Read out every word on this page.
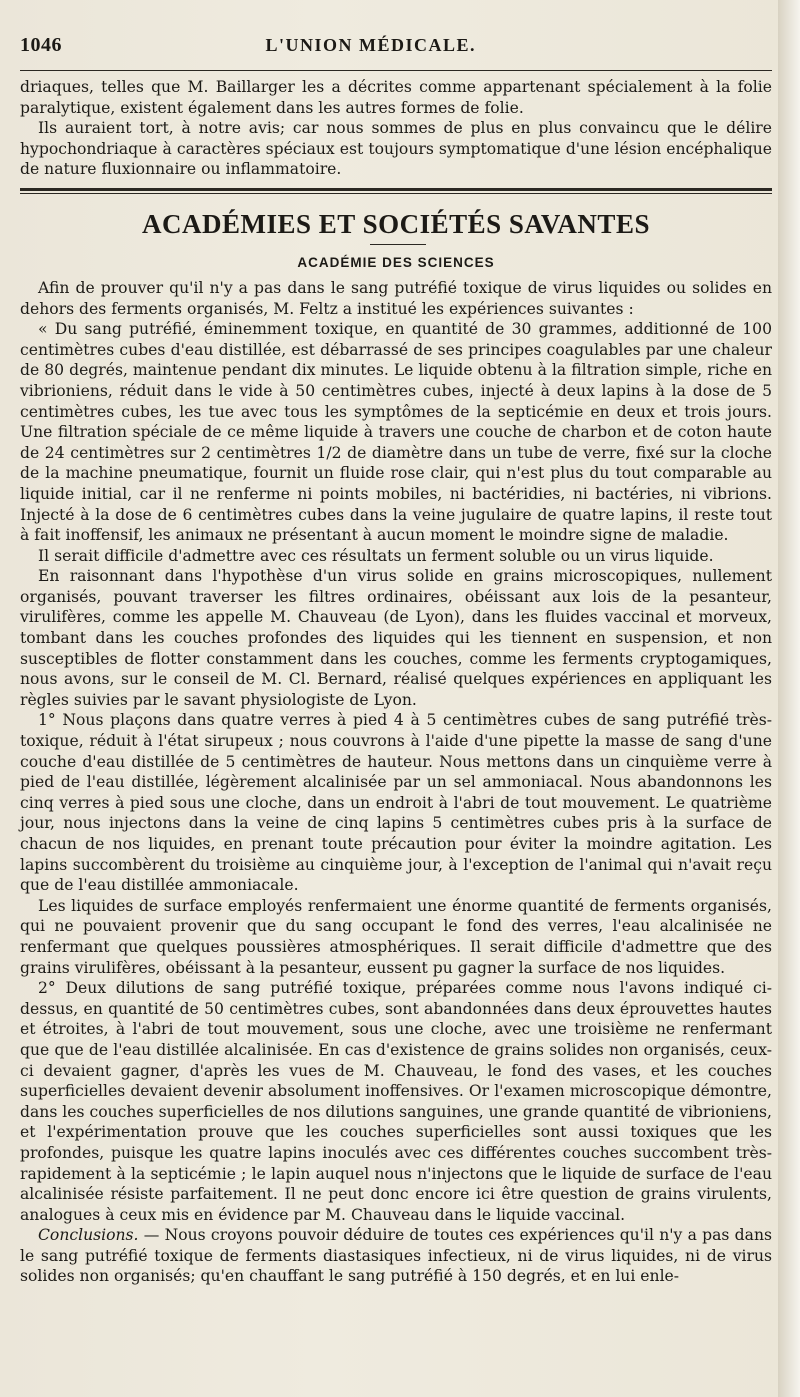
1046	L'UNION MÉDICALE.

driaques, telles que M. Baillarger les a décrites comme appartenant spécialement à la folie paralytique, existent également dans les autres formes de folie.

Ils auraient tort, à notre avis; car nous sommes de plus en plus convaincu que le délire hypochondriaque à caractères spéciaux est toujours symptomatique d'une lésion encéphalique de nature fluxionnaire ou inflammatoire.

ACADÉMIES ET SOCIÉTÉS SAVANTES
ACADÉMIE DES SCIENCES

Afin de prouver qu'il n'y a pas dans le sang putréfié toxique de virus liquides ou solides en dehors des ferments organisés, M. Feltz a institué les expériences suivantes :

« Du sang putréfié, éminemment toxique, en quantité de 30 grammes, additionné de 100 centimètres cubes d'eau distillée, est débarrassé de ses principes coagulables par une chaleur de 80 degrés, maintenue pendant dix minutes. Le liquide obtenu à la filtration simple, riche en vibrioniens, réduit dans le vide à 50 centimètres cubes, injecté à deux lapins à la dose de 5 centimètres cubes, les tue avec tous les symptômes de la septicémie en deux et trois jours. Une filtration spéciale de ce même liquide à travers une couche de charbon et de coton haute de 24 centimètres sur 2 centimètres 1/2 de diamètre dans un tube de verre, fixé sur la cloche de la machine pneumatique, fournit un fluide rose clair, qui n'est plus du tout comparable au liquide initial, car il ne renferme ni points mobiles, ni bactéridies, ni bactéries, ni vibrions. Injecté à la dose de 6 centimètres cubes dans la veine jugulaire de quatre lapins, il reste tout à fait inoffensif, les animaux ne présentant à aucun moment le moindre signe de maladie.

Il serait difficile d'admettre avec ces résultats un ferment soluble ou un virus liquide.

En raisonnant dans l'hypothèse d'un virus solide en grains microscopiques, nullement organisés, pouvant traverser les filtres ordinaires, obéissant aux lois de la pesanteur, virulifères, comme les appelle M. Chauveau (de Lyon), dans les fluides vaccinal et morveux, tombant dans les couches profondes des liquides qui les tiennent en suspension, et non susceptibles de flotter constamment dans les couches, comme les ferments cryptogamiques, nous avons, sur le conseil de M. Cl. Bernard, réalisé quelques expériences en appliquant les règles suivies par le savant physiologiste de Lyon.

1° Nous plaçons dans quatre verres à pied 4 à 5 centimètres cubes de sang putréfié très-toxique, réduit à l'état sirupeux ; nous couvrons à l'aide d'une pipette la masse de sang d'une couche d'eau distillée de 5 centimètres de hauteur. Nous mettons dans un cinquième verre à pied de l'eau distillée, légèrement alcalinisée par un sel ammoniacal. Nous abandonnons les cinq verres à pied sous une cloche, dans un endroit à l'abri de tout mouvement. Le quatrième jour, nous injectons dans la veine de cinq lapins 5 centimètres cubes pris à la surface de chacun de nos liquides, en prenant toute précaution pour éviter la moindre agitation. Les lapins succombèrent du troisième au cinquième jour, à l'exception de l'animal qui n'avait reçu que de l'eau distillée ammoniacale.

Les liquides de surface employés renfermaient une énorme quantité de ferments organisés, qui ne pouvaient provenir que du sang occupant le fond des verres, l'eau alcalinisée ne renfermant que quelques poussières atmosphériques. Il serait difficile d'admettre que des grains virulifères, obéissant à la pesanteur, eussent pu gagner la surface de nos liquides.

2° Deux dilutions de sang putréfié toxique, préparées comme nous l'avons indiqué ci-dessus, en quantité de 50 centimètres cubes, sont abandonnées dans deux éprouvettes hautes et étroites, à l'abri de tout mouvement, sous une cloche, avec une troisième ne renfermant que que de l'eau distillée alcalinisée. En cas d'existence de grains solides non organisés, ceux-ci devaient gagner, d'après les vues de M. Chauveau, le fond des vases, et les couches superficielles devaient devenir absolument inoffensives. Or l'examen microscopique démontre, dans les couches superficielles de nos dilutions sanguines, une grande quantité de vibrioniens, et l'expérimentation prouve que les couches superficielles sont aussi toxiques que les profondes, puisque les quatre lapins inoculés avec ces différentes couches succombent très-rapidement à la septicémie ; le lapin auquel nous n'injectons que le liquide de surface de l'eau alcalinisée résiste parfaitement. Il ne peut donc encore ici être question de grains virulents, analogues à ceux mis en évidence par M. Chauveau dans le liquide vaccinal.

Conclusions. — Nous croyons pouvoir déduire de toutes ces expériences qu'il n'y a pas dans le sang putréfié toxique de ferments diastasiques infectieux, ni de virus liquides, ni de virus solides non organisés; qu'en chauffant le sang putréfié à 150 degrés, et en lui enle-
